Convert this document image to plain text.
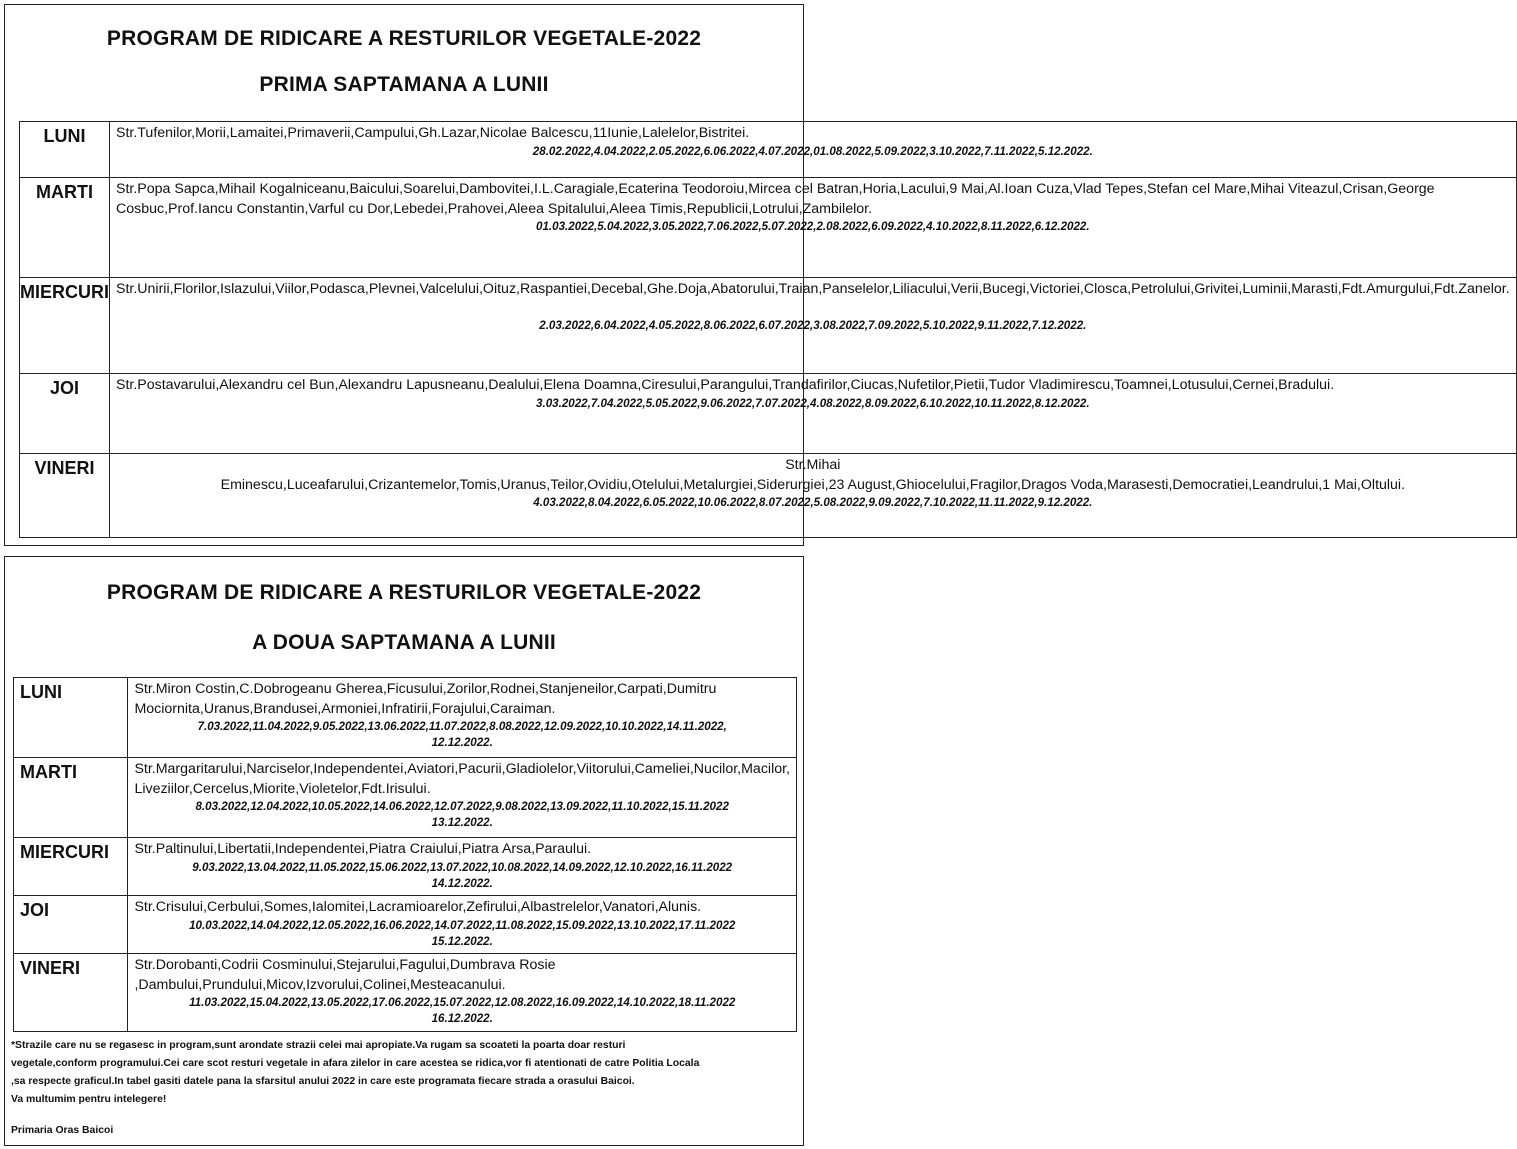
PROGRAM DE RIDICARE A RESTURILOR VEGETALE-2022
PRIMA SAPTAMANA A LUNII
LUNI	Str.Tufenilor,Morii,Lamaitei,Primaverii,Campului,Gh.Lazar,Nicolae Balcescu,11Iunie,Lalelelor,Bistritei.
28.02.2022,4.04.2022,2.05.2022,6.06.2022,4.07.2022,01.08.2022,5.09.2022,3.10.2022,7.11.2022,5.12.2022.

MARTI	Str.Popa Sapca,Mihail Kogalniceanu,Baicului,Soarelui,Dambovitei,I.L.Caragiale,Ecaterina Teodoroiu,Mircea cel Batran,Horia,Lacului,9 Mai,Al.Ioan Cuza,Vlad Tepes,Stefan cel Mare,Mihai Viteazul,Crisan,George Cosbuc,Prof.Iancu Constantin,Varful cu Dor,Lebedei,Prahovei,Aleea Spitalului,Aleea Timis,Republicii,Lotrului,Zambilelor.
01.03.2022,5.04.2022,3.05.2022,7.06.2022,5.07.2022,2.08.2022,6.09.2022,4.10.2022,8.11.2022,6.12.2022.

MIERCURI	Str.Unirii,Florilor,Islazului,Viilor,Podasca,Plevnei,Valcelului,Oituz,Raspantiei,Decebal,Ghe.Doja,Abatorului,Traian,Panselelor,Liliacului,Verii,Bucegi,Victoriei,Closca,Petrolului,Grivitei,Luminii,Marasti,Fdt.Amurgului,Fdt.Zanelor.
2.03.2022,6.04.2022,4.05.2022,8.06.2022,6.07.2022,3.08.2022,7.09.2022,5.10.2022,9.11.2022,7.12.2022.

JOI	Str.Postavarului,Alexandru cel Bun,Alexandru Lapusneanu,Dealului,Elena Doamna,Ciresului,Parangului,Trandafirilor,Ciucas,Nufetilor,Pietii,Tudor Vladimirescu,Toamnei,Lotusului,Cernei,Bradului.
3.03.2022,7.04.2022,5.05.2022,9.06.2022,7.07.2022,4.08.2022,8.09.2022,6.10.2022,10.11.2022,8.12.2022.

VINERI	Str.Mihai
Eminescu,Luceafarului,Crizantemelor,Tomis,Uranus,Teilor,Ovidiu,Otelului,Metalurgiei,Siderurgiei,23 August,Ghiocelului,Fragilor,Dragos Voda,Marasesti,Democratiei,Leandrului,1 Mai,Oltului.
4.03.2022,8.04.2022,6.05.2022,10.06.2022,8.07.2022,5.08.2022,9.09.2022,7.10.2022,11.11.2022,9.12.2022.
PROGRAM DE RIDICARE A RESTURILOR VEGETALE-2022
A DOUA SAPTAMANA A LUNII
LUNI	Str.Miron Costin,C.Dobrogeanu Gherea,Ficusului,Zorilor,Rodnei,Stanjeneilor,Carpati,Dumitru Mociornita,Uranus,Brandusei,Armoniei,Infratirii,Forajului,Caraiman.
7.03.2022,11.04.2022,9.05.2022,13.06.2022,11.07.2022,8.08.2022,12.09.2022,10.10.2022,14.11.2022,
12.12.2022.

MARTI	Str.Margaritarului,Narciselor,Independentei,Aviatori,Pacurii,Gladiolelor,Viitorului,Cameliei,Nucilor,Macilor, Liveziilor,Cercelus,Miorite,Violetelor,Fdt.Irisului.
8.03.2022,12.04.2022,10.05.2022,14.06.2022,12.07.2022,9.08.2022,13.09.2022,11.10.2022,15.11.2022
13.12.2022.

MIERCURI	Str.Paltinului,Libertatii,Independentei,Piatra Craiului,Piatra Arsa,Paraului.
9.03.2022,13.04.2022,11.05.2022,15.06.2022,13.07.2022,10.08.2022,14.09.2022,12.10.2022,16.11.2022
14.12.2022.

JOI	Str.Crisului,Cerbului,Somes,Ialomitei,Lacramioarelor,Zefirului,Albastrelelor,Vanatori,Alunis.
10.03.2022,14.04.2022,12.05.2022,16.06.2022,14.07.2022,11.08.2022,15.09.2022,13.10.2022,17.11.2022
15.12.2022.

VINERI	Str.Dorobanti,Codrii Cosminului,Stejarului,Fagului,Dumbrava Rosie ,Dambului,Prundului,Micov,Izvorului,Colinei,Mesteacanului.
11.03.2022,15.04.2022,13.05.2022,17.06.2022,15.07.2022,12.08.2022,16.09.2022,14.10.2022,18.11.2022
16.12.2022.
*Strazile care nu se regasesc in program,sunt arondate strazii celei mai apropiate.Va rugam sa scoateti la poarta doar resturi
vegetale,conform programului.Cei care scot resturi vegetale in afara zilelor in care acestea se ridica,vor fi atentionati de catre Politia Locala
,sa respecte graficul.In tabel gasiti datele pana la sfarsitul anului 2022 in care este programata fiecare strada a orasului Baicoi.
Va multumim pentru intelegere!
Primaria Oras Baicoi
